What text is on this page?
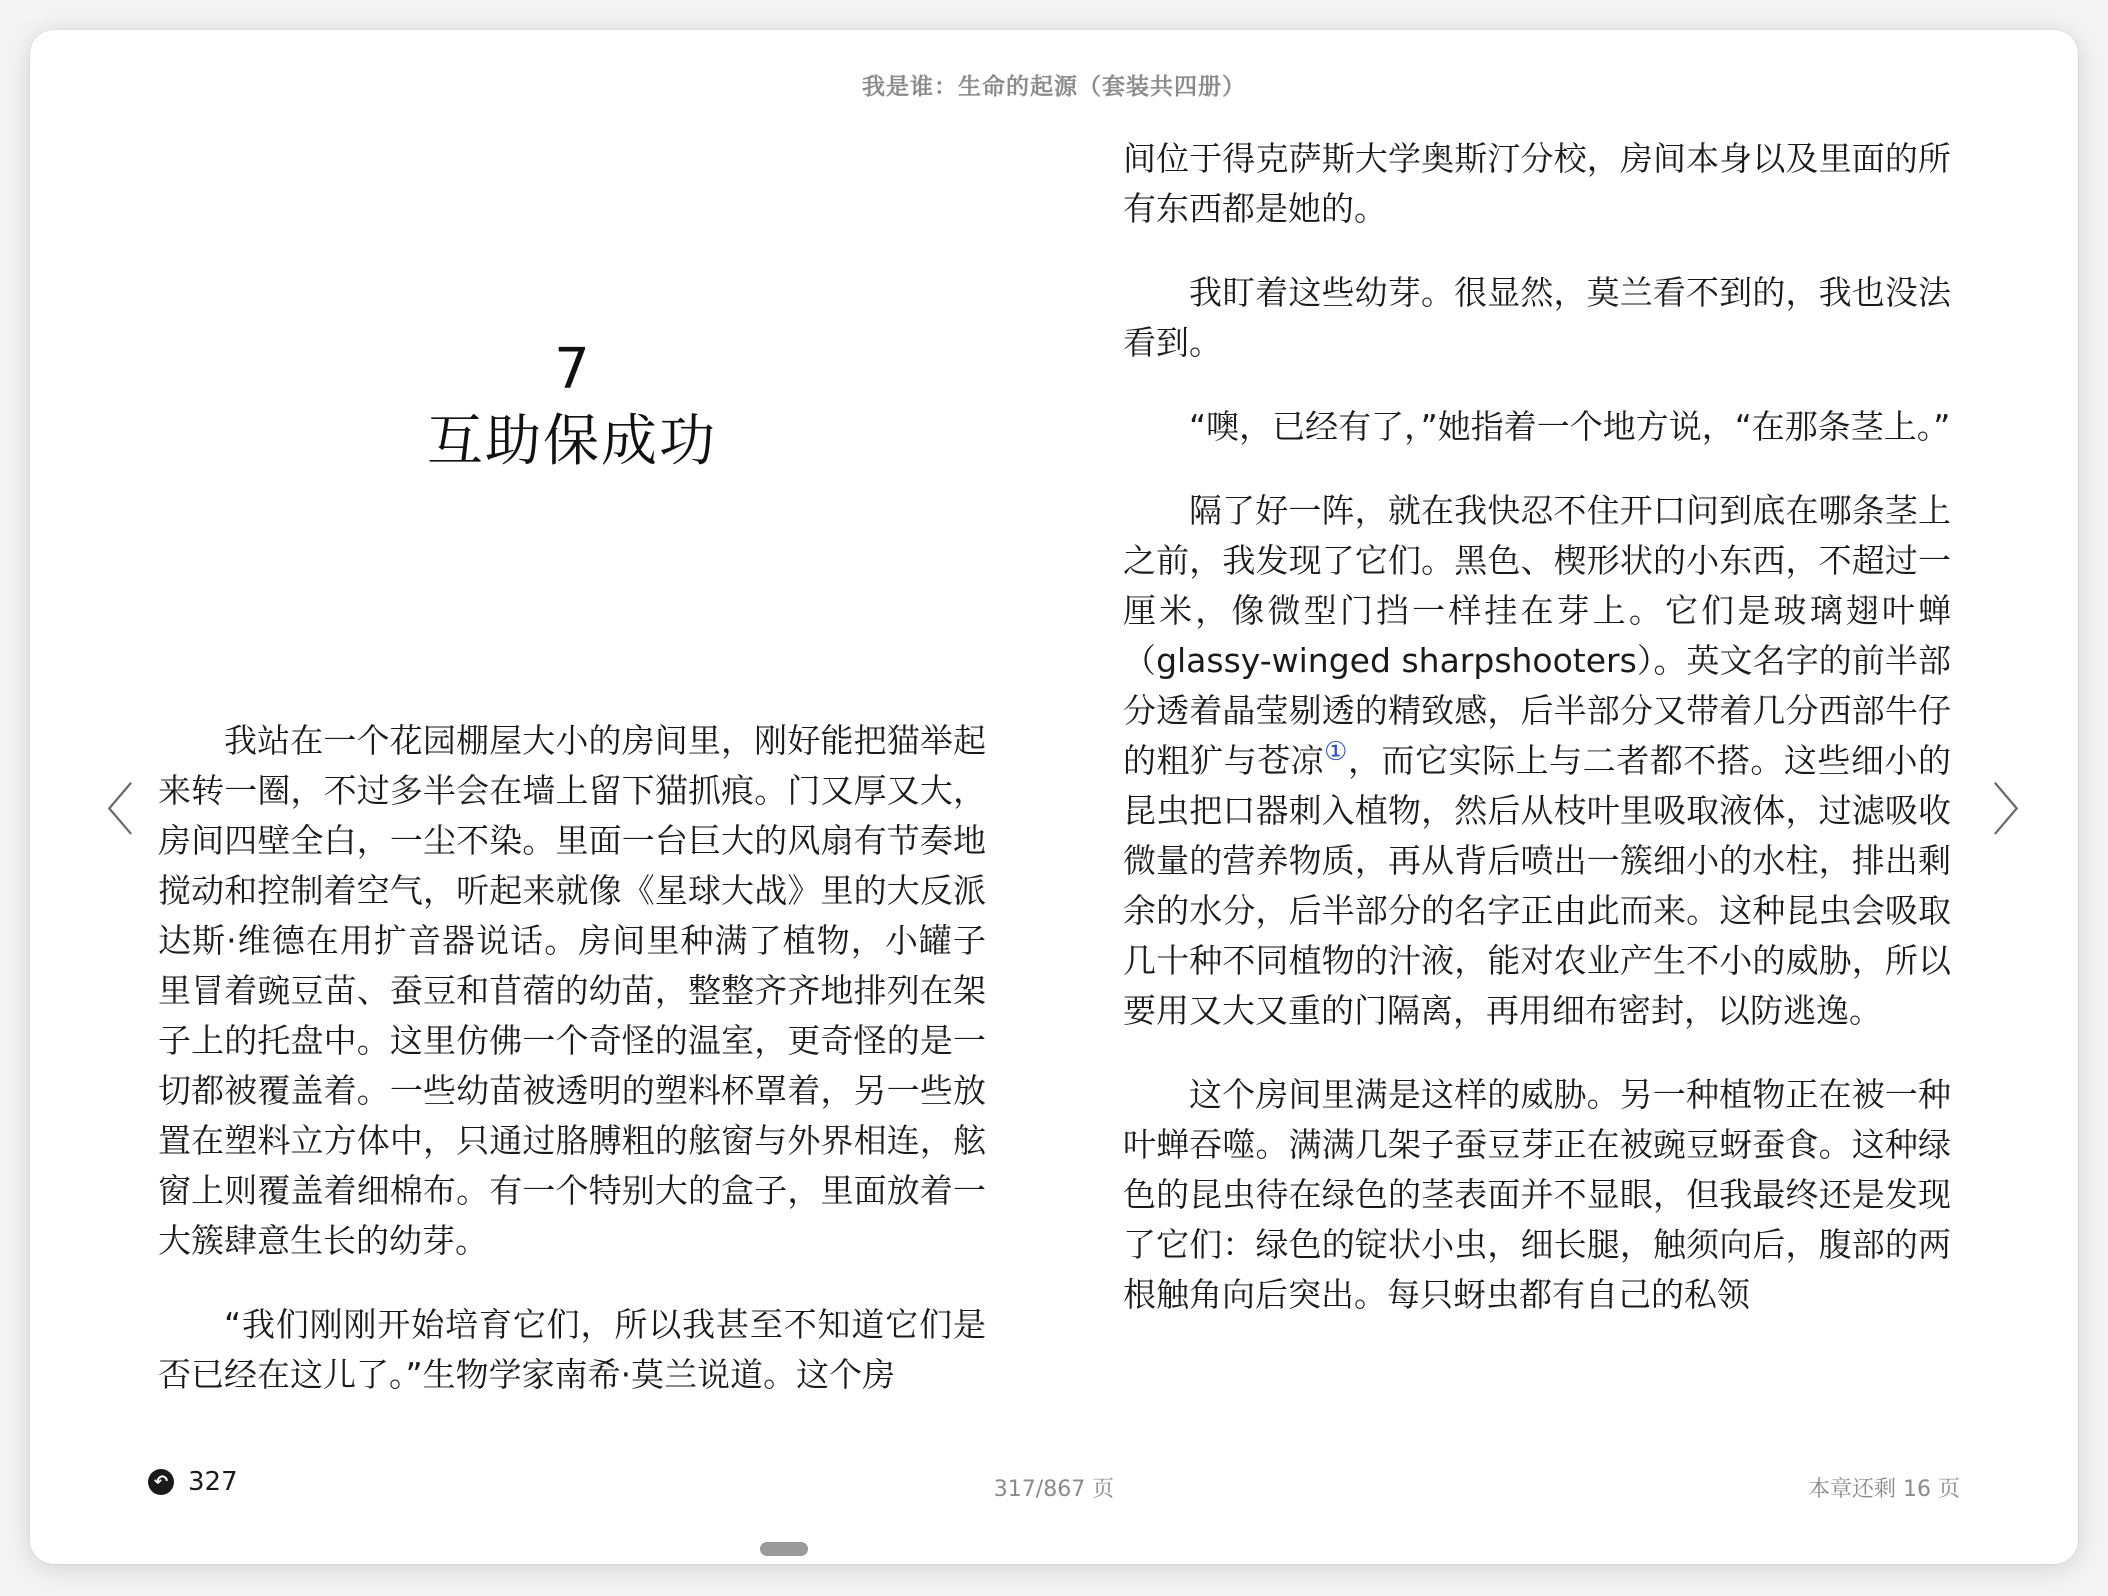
我是谁：生命的起源（套装共四册）
〈	〉
7
互助保成功

我站在一个花园棚屋大小的房间里，刚好能把猫举起来转一圈，不过多半会在墙上留下猫抓痕。门又厚又大，房间四壁全白，一尘不染。里面一台巨大的风扇有节奏地搅动和控制着空气，听起来就像《星球大战》里的大反派达斯·维德在用扩音器说话。房间里种满了植物，小罐子里冒着豌豆苗、蚕豆和苜蓿的幼苗，整整齐齐地排列在架子上的托盘中。这里仿佛一个奇怪的温室，更奇怪的是一切都被覆盖着。一些幼苗被透明的塑料杯罩着，另一些放置在塑料立方体中，只通过胳膊粗的舷窗与外界相连，舷窗上则覆盖着细棉布。有一个特别大的盒子，里面放着一大簇肆意生长的幼芽。

“我们刚刚开始培育它们，所以我甚至不知道它们是否已经在这儿了。”生物学家南希·莫兰说道。这个房

间位于得克萨斯大学奥斯汀分校，房间本身以及里面的所有东西都是她的。

我盯着这些幼芽。很显然，莫兰看不到的，我也没法看到。

“噢，已经有了，”她指着一个地方说，“在那条茎上。”

隔了好一阵，就在我快忍不住开口问到底在哪条茎上之前，我发现了它们。黑色、楔形状的小东西，不超过一厘米，像微型门挡一样挂在芽上。它们是玻璃翅叶蝉（glassy-winged sharpshooters）。英文名字的前半部分透着晶莹剔透的精致感，后半部分又带着几分西部牛仔的粗犷与苍凉①，而它实际上与二者都不搭。这些细小的昆虫把口器刺入植物，然后从枝叶里吸取液体，过滤吸收微量的营养物质，再从背后喷出一簇细小的水柱，排出剩余的水分，后半部分的名字正由此而来。这种昆虫会吸取几十种不同植物的汁液，能对农业产生不小的威胁，所以要用又大又重的门隔离，再用细布密封，以防逃逸。

这个房间里满是这样的威胁。另一种植物正在被一种叶蝉吞噬。满满几架子蚕豆芽正在被豌豆蚜蚕食。这种绿色的昆虫待在绿色的茎表面并不显眼，但我最终还是发现了它们：绿色的锭状小虫，细长腿，触须向后，腹部的两根触角向后突出。每只蚜虫都有自己的私领

↶ 327	317/867 页	本章还剩 16 页
